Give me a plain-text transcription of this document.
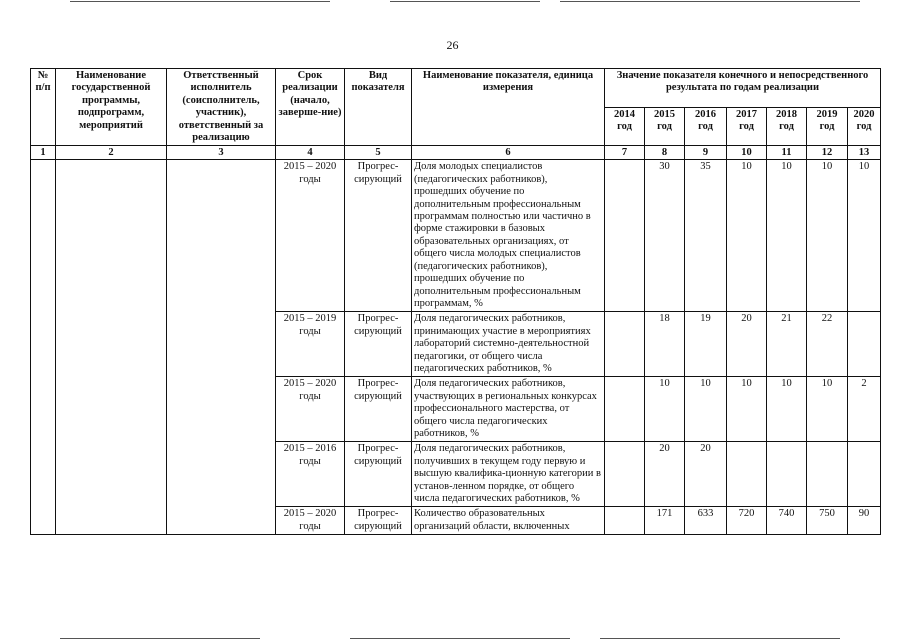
26
№ п/п	Наименование государственной программы, подпрограмм, мероприятий	Ответственный исполнитель (соисполнитель, участник), ответственный за реализацию	Срок реализации (начало, заверше-ние)	Вид показателя	Наименование показателя, единица измерения	Значение показателя конечного и непосредственного результата по годам реализации						
						2014 год	2015 год	2016 год	2017 год	2018 год	2019 год	2020 год
1	2	3	4	5	6	7	8	9	10	11	12	13
			2015 – 2020 годы	Прогрес-сирующий	Доля молодых специалистов (педагогических работников), прошедших обучение по дополнительным профессиональным программам полностью или частично в форме стажировки в базовых образовательных организациях, от общего числа молодых специалистов (педагогических работников), прошедших обучение по дополнительным профессиональным программам, %		30	35	10	10	10	10
			2015 – 2019 годы	Прогрес-сирующий	Доля педагогических работников, принимающих участие в мероприятиях лабораторий системно-деятельностной педагогики, от общего числа педагогических работников, %		18	19	20	21	22	
			2015 – 2020 годы	Прогрес-сирующий	Доля педагогических работников, участвующих в региональных конкурсах профессионального мастерства, от общего числа педагогических работников, %		10	10	10	10	10	2
			2015 – 2016 годы	Прогрес-сирующий	Доля педагогических работников, получивших в текущем году первую и высшую квалифика-ционную категории в установ-ленном порядке, от общего числа педагогических работников, %		20	20				
			2015 – 2020 годы	Прогрес-сирующий	Количество образовательных организаций области, включенных		171	633	720	740	750	90
